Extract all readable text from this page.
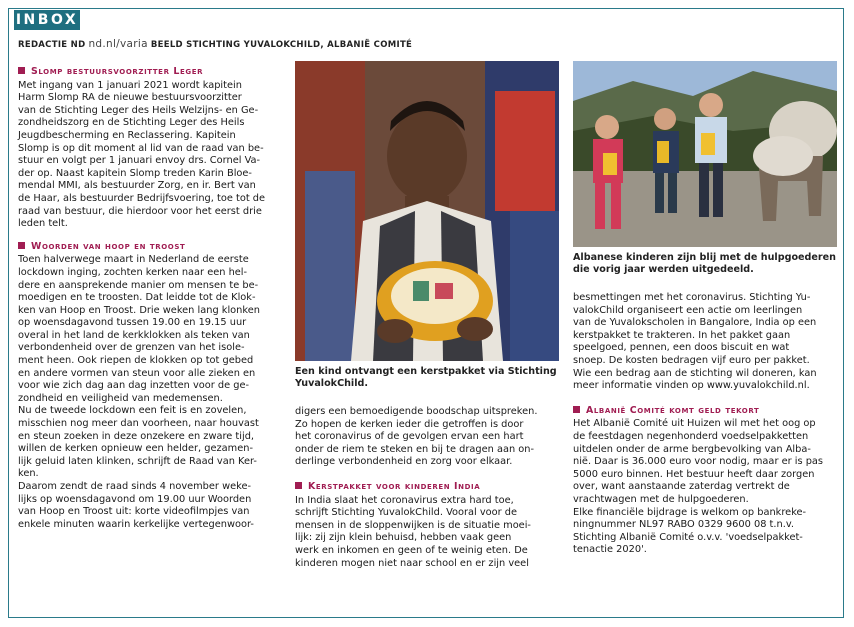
INBOX
REDACTIE ND nd.nl/varia BEELD STICHTING YUVALOKCHILD, ALBANIË COMITÉ
Slomp bestuursvoorzitter Leger
Met ingang van 1 januari 2021 wordt kapitein
Harm Slomp RA de nieuwe bestuursvoorzitter
van de Stichting Leger des Heils Welzijns- en Ge-
zondheidszorg en de Stichting Leger des Heils
Jeugdbescherming en Reclassering. Kapitein
Slomp is op dit moment al lid van de raad van be-
stuur en volgt per 1 januari envoy drs. Cornel Va-
der op. Naast kapitein Slomp treden Karin Bloe-
mendal MMI, als bestuurder Zorg, en ir. Bert van
de Haar, als bestuurder Bedrijfsvoering, toe tot de
raad van bestuur, die hierdoor voor het eerst drie
leden telt.
Woorden van hoop en troost
Toen halverwege maart in Nederland de eerste
lockdown inging, zochten kerken naar een hel-
dere en aansprekende manier om mensen te be-
moedigen en te troosten. Dat leidde tot de Klok-
ken van Hoop en Troost. Drie weken lang klonken
op woensdagavond tussen 19.00 en 19.15 uur
overal in het land de kerkklokken als teken van
verbondenheid over de grenzen van het isole-
ment heen. Ook riepen de klokken op tot gebed
en andere vormen van steun voor alle zieken en
voor wie zich dag aan dag inzetten voor de ge-
zondheid en veiligheid van medemensen.
Nu de tweede lockdown een feit is en zovelen,
misschien nog meer dan voorheen, naar houvast
en steun zoeken in deze onzekere en zware tijd,
willen de kerken opnieuw een helder, gezamen-
lijk geluid laten klinken, schrijft de Raad van Ker-
ken.
Daarom zendt de raad sinds 4 november weke-
lijks op woensdagavond om 19.00 uur Woorden
van Hoop en Troost uit: korte videofilmpjes van
enkele minuten waarin kerkelijke vertegenwoor-
Een kind ontvangt een kerstpakket via Stichting
YuvalokChild.
digers een bemoedigende boodschap uitspreken.
Zo hopen de kerken ieder die getroffen is door
het coronavirus of de gevolgen ervan een hart
onder de riem te steken en bij te dragen aan on-
derlinge verbondenheid en zorg voor elkaar.
Kerstpakket voor kinderen India
In India slaat het coronavirus extra hard toe,
schrijft Stichting YuvalokChild. Vooral voor de
mensen in de sloppenwijken is de situatie moei-
lijk: zij zijn klein behuisd, hebben vaak geen
werk en inkomen en geen of te weinig eten. De
kinderen mogen niet naar school en er zijn veel
Albanese kinderen zijn blij met de hulpgoederen
die vorig jaar werden uitgedeeld.
besmettingen met het coronavirus. Stichting Yu-
valokChild organiseert een actie om leerlingen
van de Yuvalokscholen in Bangalore, India op een
kerstpakket te trakteren. In het pakket gaan
speelgoed, pennen, een doos biscuit en wat
snoep. De kosten bedragen vijf euro per pakket.
Wie een bedrag aan de stichting wil doneren, kan
meer informatie vinden op www.yuvalokchild.nl.
Albanië Comité komt geld tekort
Het Albanië Comité uit Huizen wil met het oog op
de feestdagen negenhonderd voedselpakketten
uitdelen onder de arme bergbevolking van Alba-
nië. Daar is 36.000 euro voor nodig, maar er is pas
5000 euro binnen. Het bestuur heeft daar zorgen
over, want aanstaande zaterdag vertrekt de
vrachtwagen met de hulpgoederen.
Elke financiële bijdrage is welkom op bankreke-
ningnummer NL97 RABO 0329 9600 08 t.n.v.
Stichting Albanië Comité o.v.v. 'voedselpakket-
tenactie 2020'.
